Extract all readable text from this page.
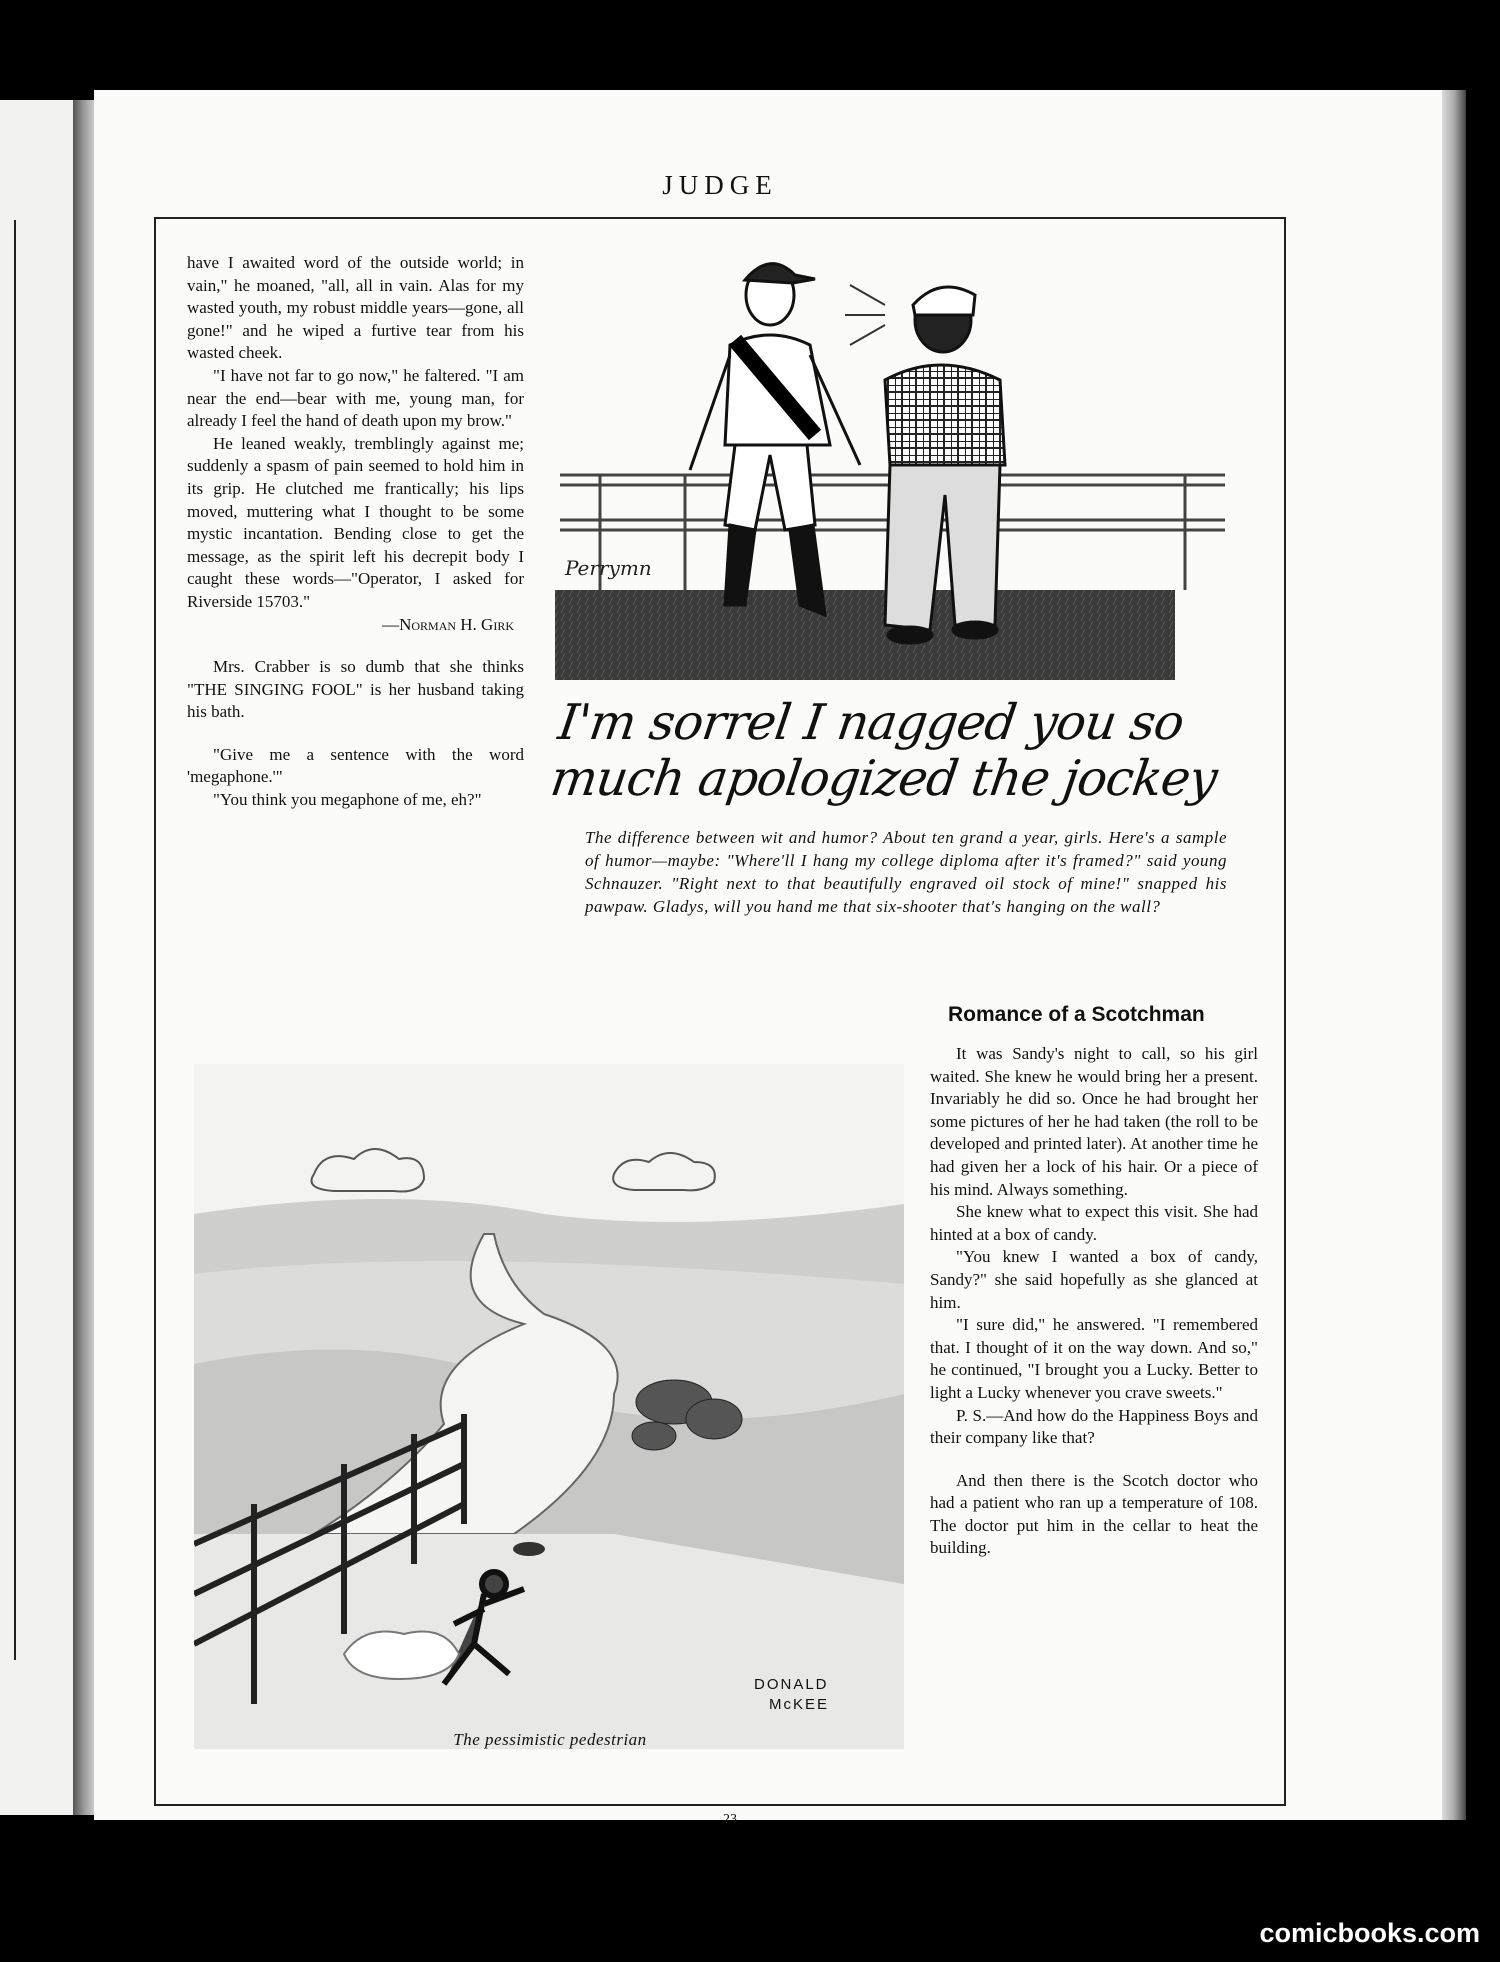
JUDGE

have I awaited word of the outside world; in vain," he moaned, "all, all in vain. Alas for my wasted youth, my robust middle years—gone, all gone!" and he wiped a furtive tear from his wasted cheek.

"I have not far to go now," he faltered. "I am near the end—bear with me, young man, for already I feel the hand of death upon my brow."

He leaned weakly, tremblingly against me; suddenly a spasm of pain seemed to hold him in its grip. He clutched me frantically; his lips moved, muttering what I thought to be some mystic incantation. Bending close to get the message, as the spirit left his decrepit body I caught these words—"Operator, I asked for Riverside 15703."

—Norman H. Girk

Mrs. Crabber is so dumb that she thinks "THE SINGING FOOL" is her husband taking his bath.

"Give me a sentence with the word 'megaphone.'"

"You think you megaphone of me, eh?"

Perrymn
I'm sorrel I nagged you so much apologized the jockey
The difference between wit and humor? About ten grand a year, girls. Here's a sample of humor—maybe: "Where'll I hang my college diploma after it's framed?" said young Schnauzer. "Right next to that beautifully engraved oil stock of mine!" snapped his pawpaw. Gladys, will you hand me that six-shooter that's hanging on the wall?
Romance of a Scotchman

It was Sandy's night to call, so his girl waited. She knew he would bring her a present. Invariably he did so. Once he had brought her some pictures of her he had taken (the roll to be developed and printed later). At another time he had given her a lock of his hair. Or a piece of his mind. Always something.

She knew what to expect this visit. She had hinted at a box of candy.

"You knew I wanted a box of candy, Sandy?" she said hopefully as she glanced at him.

"I sure did," he answered. "I remembered that. I thought of it on the way down. And so," he continued, "I brought you a Lucky. Better to light a Lucky whenever you crave sweets."

P. S.—And how do the Happiness Boys and their company like that?

And then there is the Scotch doctor who had a patient who ran up a temperature of 108. The doctor put him in the cellar to heat the building.

DONALD
McKEE
The pessimistic pedestrian
23
comicbooks.com
